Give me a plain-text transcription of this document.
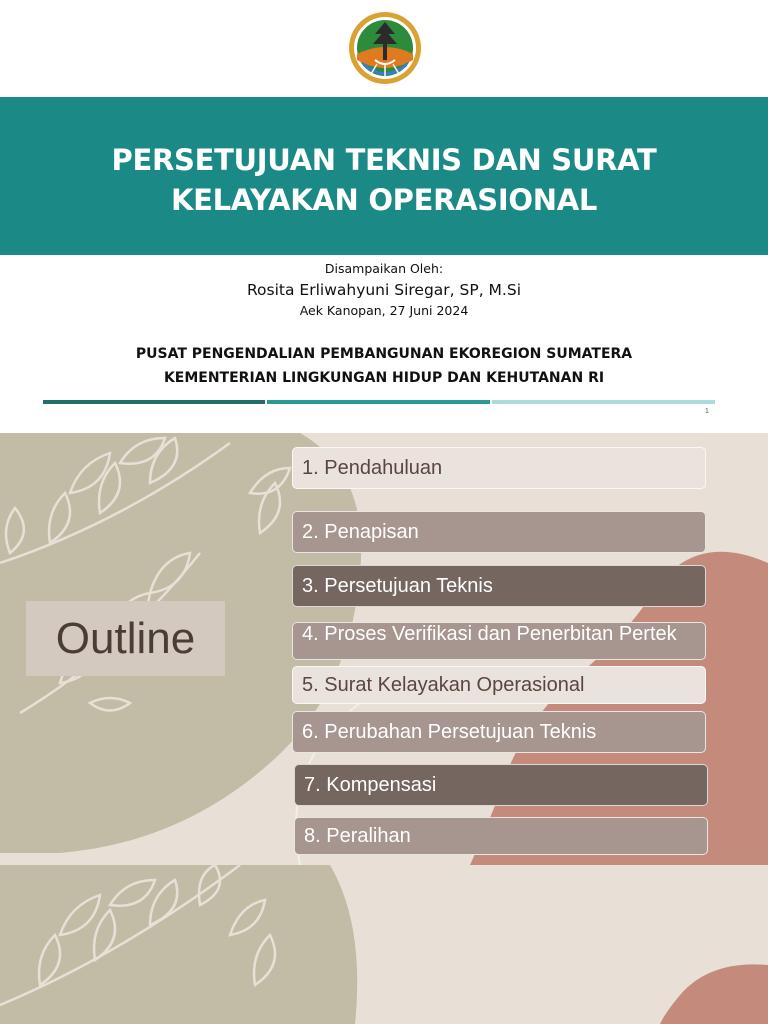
PERSETUJUAN TEKNIS DAN SURAT
KELAYAKAN OPERASIONAL
Disampaikan Oleh:
Rosita Erliwahyuni Siregar, SP, M.Si
Aek Kanopan, 27 Juni 2024
PUSAT PENGENDALIAN PEMBANGUNAN EKOREGION SUMATERA
KEMENTERIAN LINGKUNGAN HIDUP DAN KEHUTANAN RI
1
Outline
1. Pendahuluan
2. Penapisan
3. Persetujuan Teknis
4. Proses Verifikasi dan Penerbitan Pertek
5. Surat Kelayakan Operasional
6. Perubahan Persetujuan Teknis
7. Kompensasi
8. Peralihan
